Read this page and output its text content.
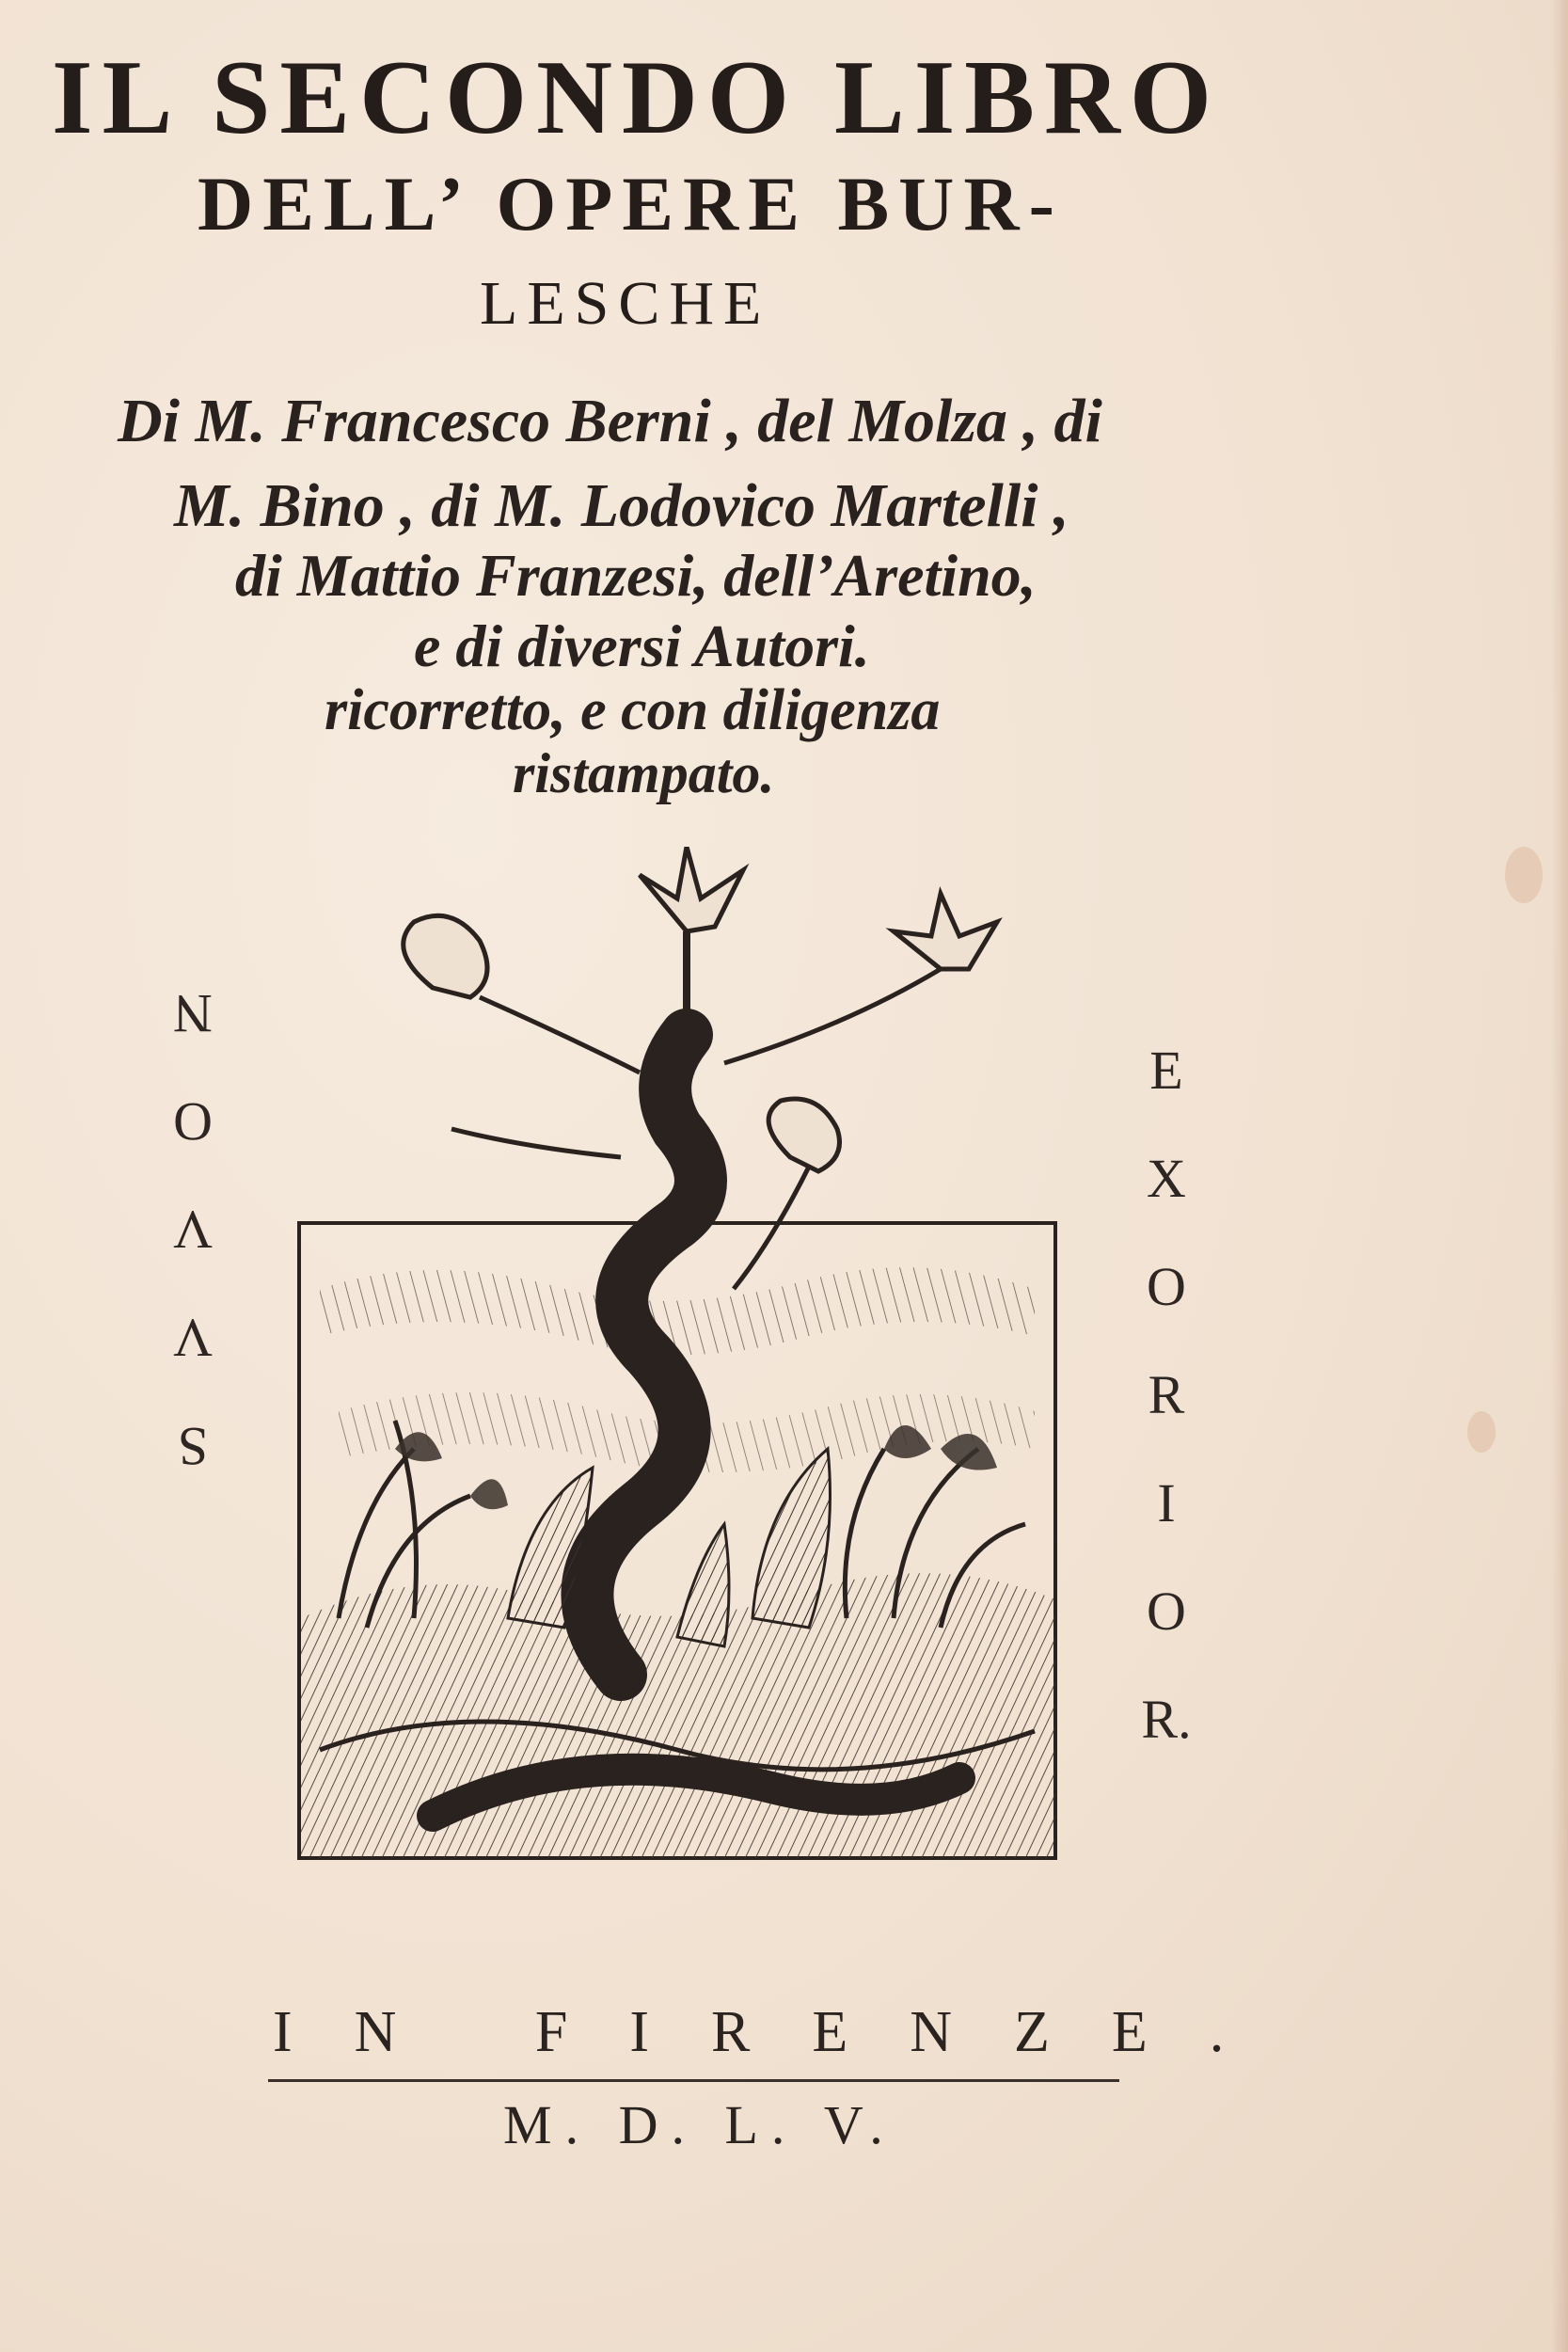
IL SECONDO LIBRO
DELL’ OPERE BUR-
LESCHE
Di M. Francesco Berni , del Molza , di
M. Bino , di M. Lodovico Martelli ,
di Mattio Franzesi, dell’Aretino,
e di diversi Autori.
ricorretto, e con diligenza
ristampato.
S
V
V
O
N
E
X
O
R
I
O
R.
IN FIRENZE.
M. D. L. V.
